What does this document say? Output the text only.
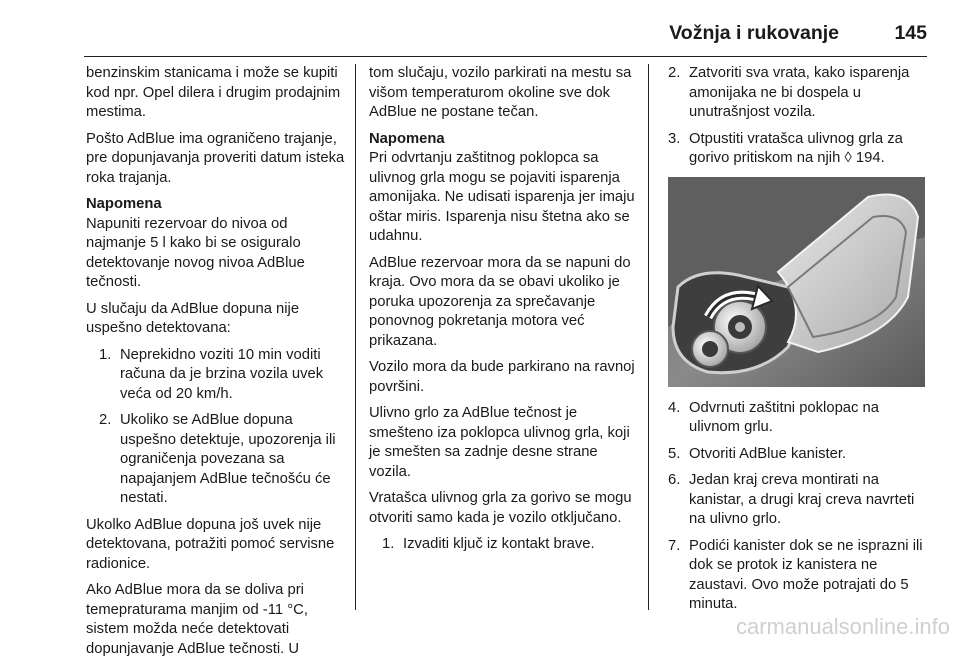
Vožnja i rukovanje	145

benzinskim stanicama i može se kupiti kod npr. Opel dilera i drugim prodajnim mestima.

Pošto AdBlue ima ograničeno trajanje, pre dopunjavanja proveriti datum isteka roka trajanja.

Napomena

Napuniti rezervoar do nivoa od najmanje 5 l kako bi se osiguralo detektovanje novog nivoa AdBlue tečnosti.

U slučaju da AdBlue dopuna nije uspešno detektovana:

1. Neprekidno voziti 10 min voditi računa da je brzina vozila uvek veća od 20 km/h.
2. Ukoliko se AdBlue dopuna uspešno detektuje, upozorenja ili ograničenja povezana sa napajanjem AdBlue tečnošću će nestati.

Ukolko AdBlue dopuna još uvek nije detektovana, potražiti pomoć servisne radionice.

Ako AdBlue mora da se doliva pri temepraturama manjim od -11 °C, sistem možda neće detektovati dopunjavanje AdBlue tečnosti. U

tom slučaju, vozilo parkirati na mestu sa višom temperaturom okoline sve dok AdBlue ne postane tečan.

Napomena

Pri odvrtanju zaštitnog poklopca sa ulivnog grla mogu se pojaviti isparenja amonijaka. Ne udisati isparenja jer imaju oštar miris. Isparenja nisu štetna ako se udahnu.

AdBlue rezervoar mora da se napuni do kraja. Ovo mora da se obavi ukoliko je poruka upozorenja za sprečavanje ponovnog pokretanja motora već prikazana.

Vozilo mora da bude parkirano na ravnoj površini.

Ulivno grlo za AdBlue tečnost je smešteno iza poklopca ulivnog grla, koji je smešten sa zadnje desne strane vozila.

Vratašca ulivnog grla za gorivo se mogu otvoriti samo kada je vozilo otključano.

1. Izvaditi ključ iz kontakt brave.
2. Zatvoriti sva vrata, kako isparenja amonijaka ne bi dospela u unutrašnjost vozila.
3. Otpustiti vratašca ulivnog grla za gorivo pritiskom na njih ◊ 194.
4. Odvrnuti zaštitni poklopac na ulivnom grlu.
5. Otvoriti AdBlue kanister.
6. Jedan kraj creva montirati na kanistar, a drugi kraj creva navrteti na ulivno grlo.
7. Podići kanister dok se ne isprazni ili dok se protok iz kanistera ne zaustavi. Ovo može potrajati do 5 minuta.
carmanualsonline.info
